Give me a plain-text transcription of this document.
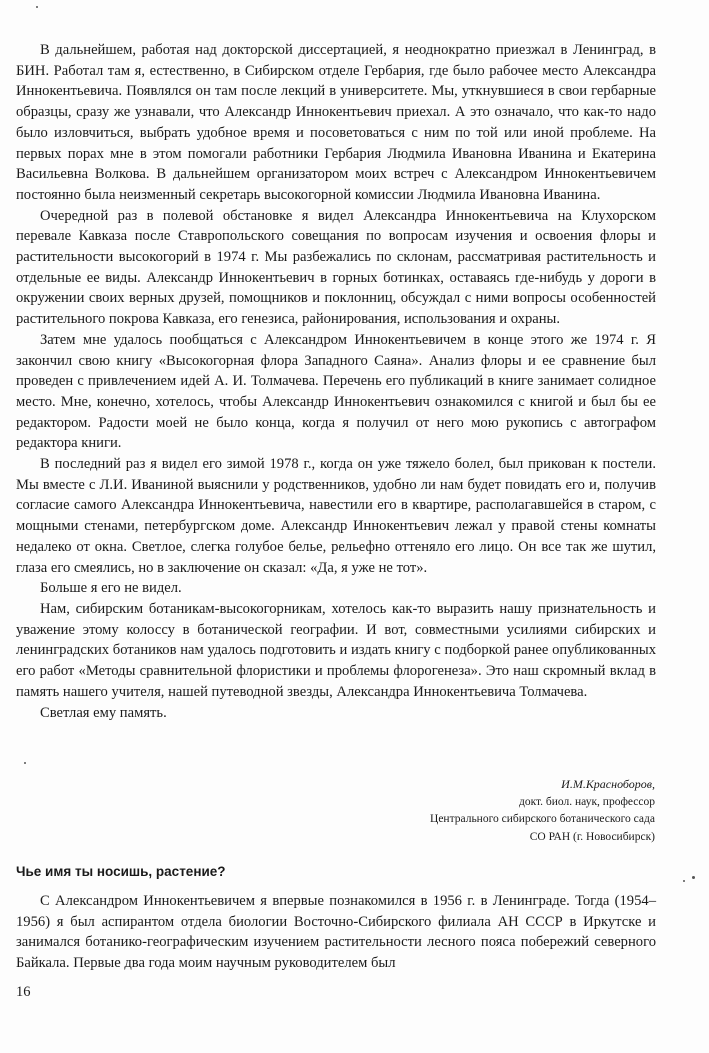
В дальнейшем, работая над докторской диссертацией, я неоднократно приезжал в Ленинград, в БИН. Работал там я, естественно, в Сибирском отделе Гербария, где было рабочее место Александра Иннокентьевича. Появлялся он там после лекций в университете. Мы, уткнувшиеся в свои гербарные образцы, сразу же узнавали, что Александр Иннокентьевич приехал. А это означало, что как-то надо было изловчиться, выбрать удобное время и посоветоваться с ним по той или иной проблеме. На первых порах мне в этом помогали работники Гербария Людмила Ивановна Иванина и Екатерина Васильевна Волкова. В дальнейшем организатором моих встреч с Александром Иннокентьевичем постоянно была неизменный секретарь высокогорной комиссии Людмила Ивановна Иванина.

Очередной раз в полевой обстановке я видел Александра Иннокентьевича на Клухорском перевале Кавказа после Ставропольского совещания по вопросам изучения и освоения флоры и растительности высокогорий в 1974 г. Мы разбежались по склонам, рассматривая растительность и отдельные ее виды. Александр Иннокентьевич в горных ботинках, оставаясь где-нибудь у дороги в окружении своих верных друзей, помощников и поклонниц, обсуждал с ними вопросы особенностей растительного покрова Кавказа, его генезиса, районирования, использования и охраны.

Затем мне удалось пообщаться с Александром Иннокентьевичем в конце этого же 1974 г. Я закончил свою книгу «Высокогорная флора Западного Саяна». Анализ флоры и ее сравнение был проведен с привлечением идей А. И. Толмачева. Перечень его публикаций в книге занимает солидное место. Мне, конечно, хотелось, чтобы Александр Иннокентьевич ознакомился с книгой и был бы ее редактором. Радости моей не было конца, когда я получил от него мою рукопись с автографом редактора книги.

В последний раз я видел его зимой 1978 г., когда он уже тяжело болел, был прикован к постели. Мы вместе с Л.И. Иваниной выяснили у родственников, удобно ли нам будет повидать его и, получив согласие самого Александра Иннокентьевича, навестили его в квартире, располагавшейся в старом, с мощными стенами, петербургском доме. Александр Иннокентьевич лежал у правой стены комнаты недалеко от окна. Светлое, слегка голубое белье, рельефно оттеняло его лицо. Он все так же шутил, глаза его смеялись, но в заключение он сказал: «Да, я уже не тот».

Больше я его не видел.

Нам, сибирским ботаникам-высокогорникам, хотелось как-то выразить нашу признательность и уважение этому колоссу в ботанической географии. И вот, совместными усилиями сибирских и ленинградских ботаников нам удалось подготовить и издать книгу с подборкой ранее опубликованных его работ «Методы сравнительной флористики и проблемы флорогенеза». Это наш скромный вклад в память нашего учителя, нашей путеводной звезды, Александра Иннокентьевича Толмачева.

Светлая ему память.

И.М.Красноборов,
докт. биол. наук, профессор
Центрального сибирского ботанического сада
СО РАН (г. Новосибирск)
Чье имя ты носишь, растение?

С Александром Иннокентьевичем я впервые познакомился в 1956 г. в Ленинграде. Тогда (1954–1956) я был аспирантом отдела биологии Восточно-Сибирского филиала АН СССР в Иркутске и занимался ботанико-географическим изучением растительности лесного пояса побережий северного Байкала. Первые два года моим научным руководителем был

16
